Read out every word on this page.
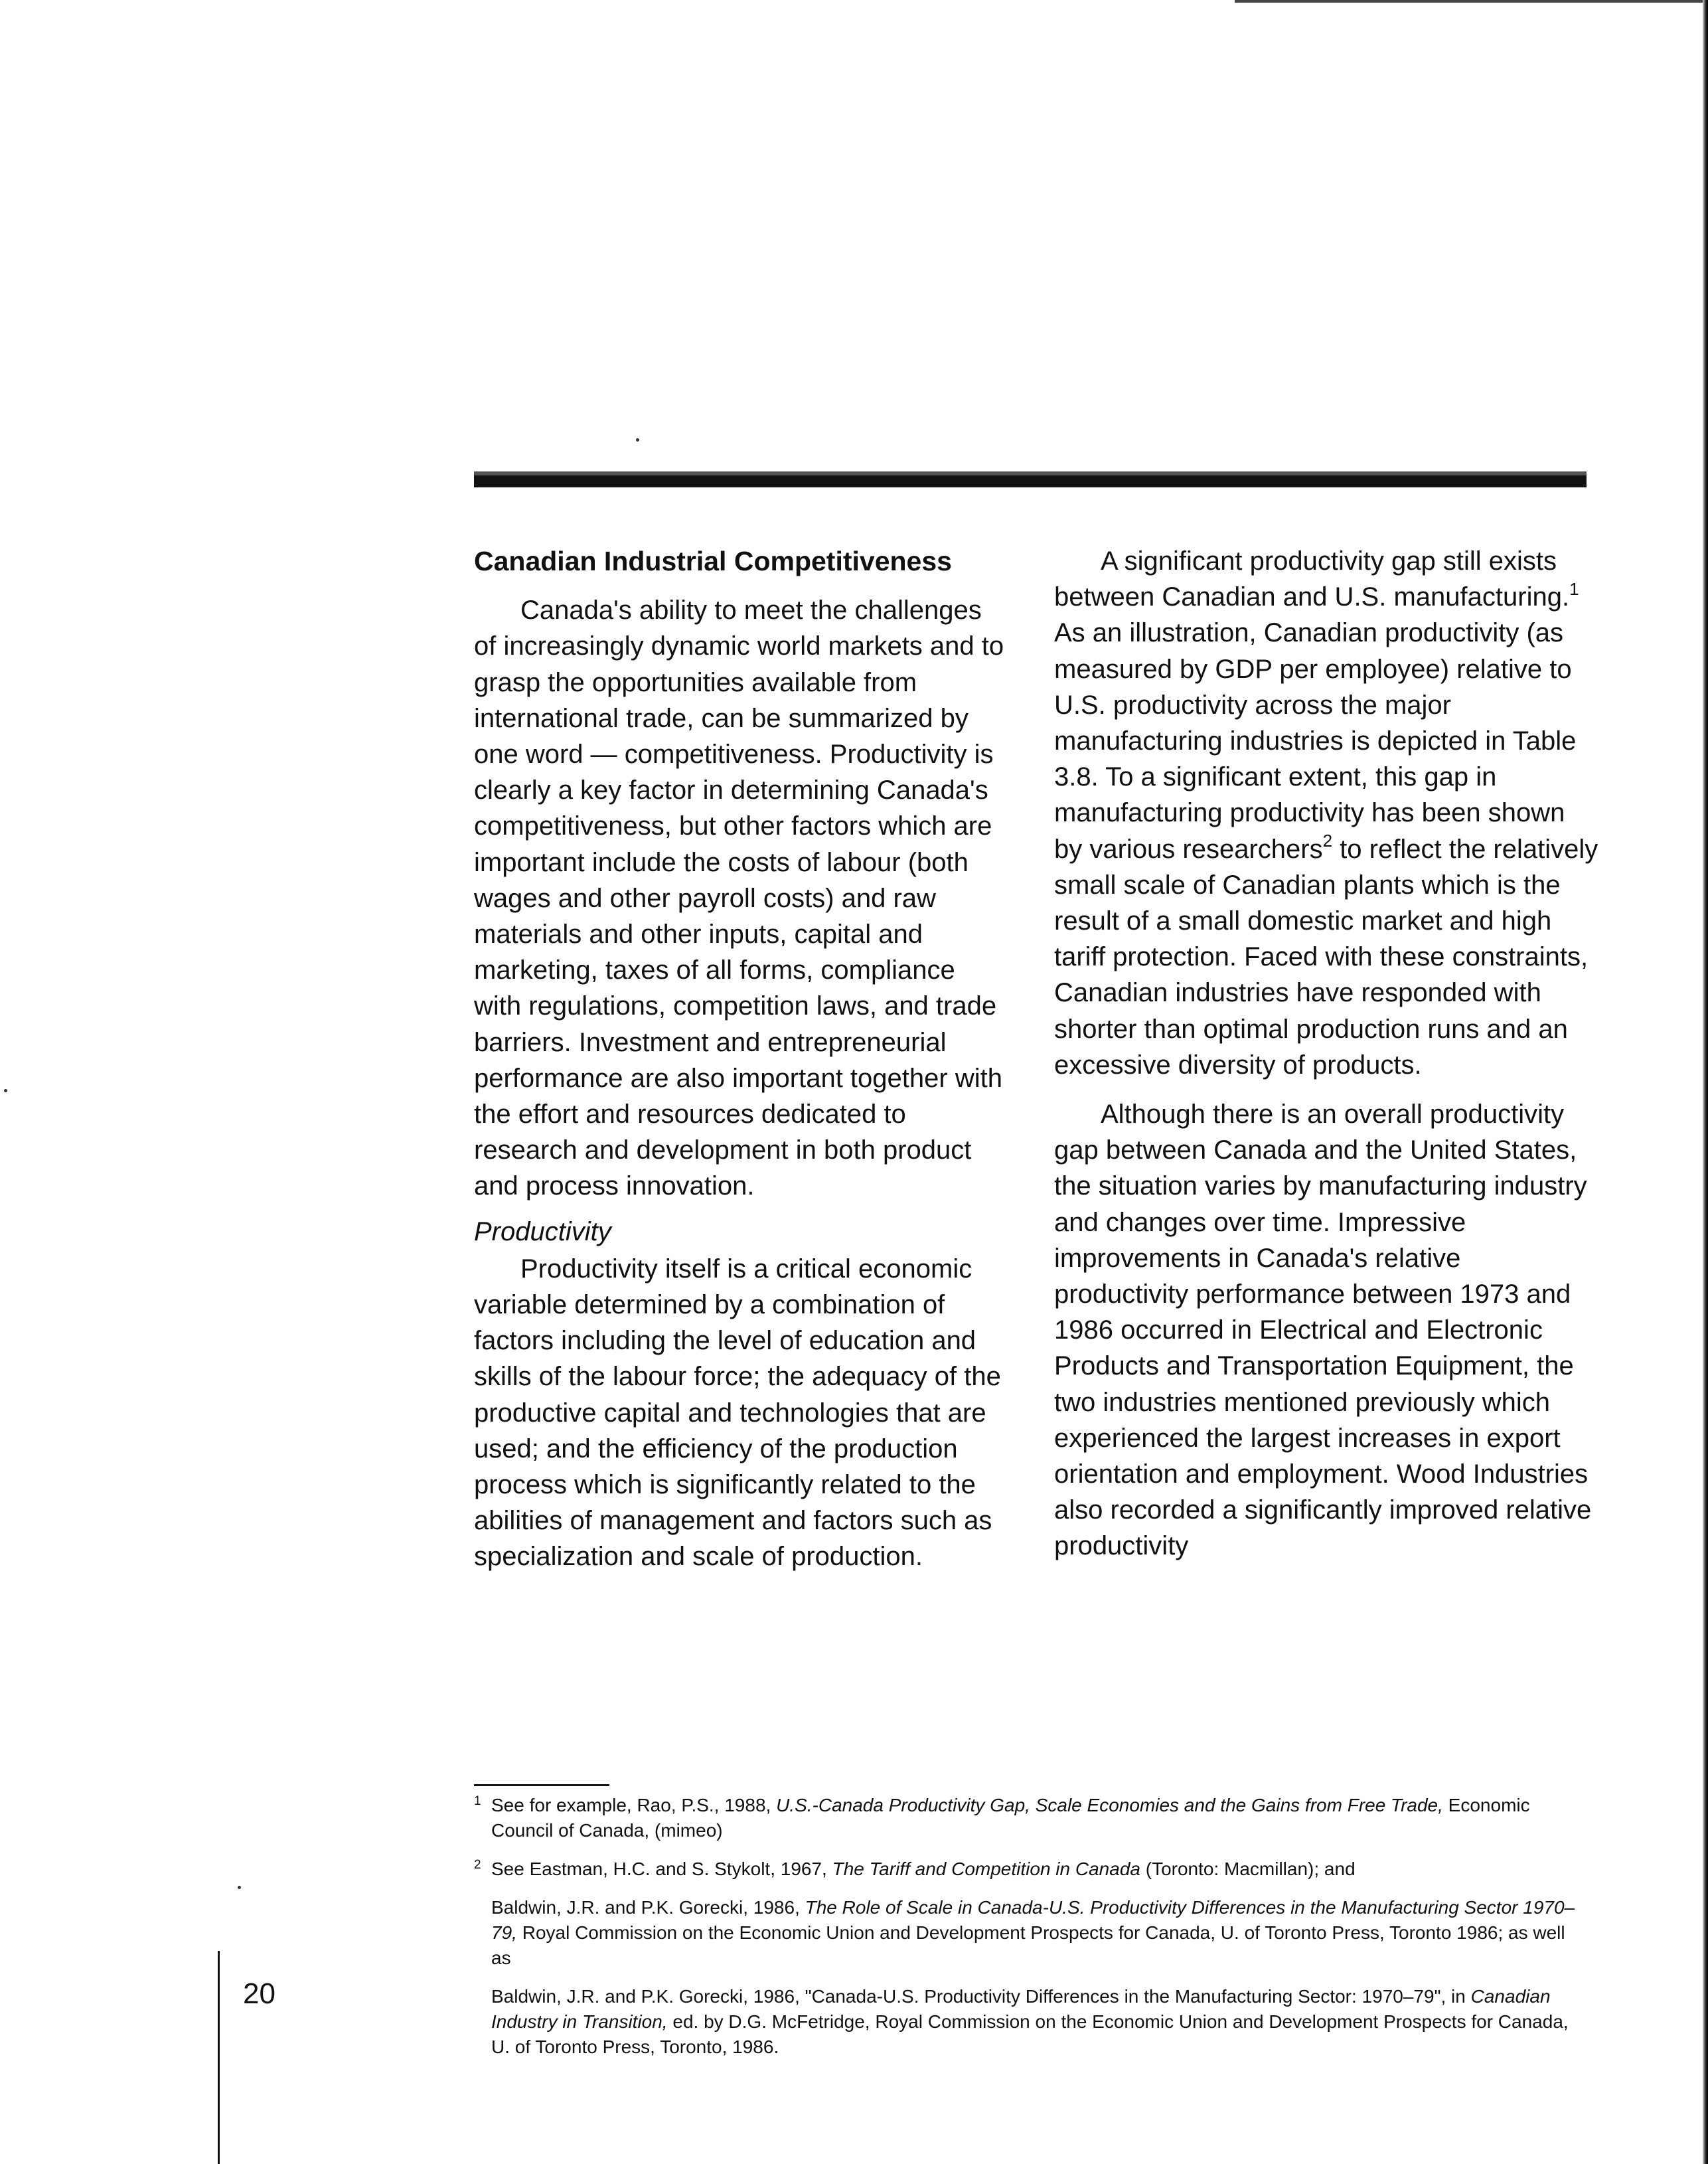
Canadian Industrial Competitiveness

Canada's ability to meet the challenges of increasingly dynamic world markets and to grasp the opportunities available from international trade, can be summarized by one word — competitiveness. Productivity is clearly a key factor in determining Canada's competitiveness, but other factors which are important include the costs of labour (both wages and other payroll costs) and raw materials and other inputs, capital and marketing, taxes of all forms, compliance with regulations, competition laws, and trade barriers. Investment and entrepreneurial performance are also important together with the effort and resources dedicated to research and development in both product and process innovation.

Productivity

Productivity itself is a critical economic variable determined by a combination of factors including the level of education and skills of the labour force; the adequacy of the productive capital and technologies that are used; and the efficiency of the production process which is significantly related to the abilities of management and factors such as specialization and scale of production.

A significant productivity gap still exists between Canadian and U.S. manufacturing.$^1$ As an illustration, Canadian productivity (as measured by GDP per employee) relative to U.S. productivity across the major manufacturing industries is depicted in Table 3.8. To a significant extent, this gap in manufacturing productivity has been shown by various researchers$^2$ to reflect the relatively small scale of Canadian plants which is the result of a small domestic market and high tariff protection. Faced with these constraints, Canadian industries have responded with shorter than optimal production runs and an excessive diversity of products.

Although there is an overall productivity gap between Canada and the United States, the situation varies by manufacturing industry and changes over time. Impressive improvements in Canada's relative productivity performance between 1973 and 1986 occurred in Electrical and Electronic Products and Transportation Equipment, the two industries mentioned previously which experienced the largest increases in export orientation and employment. Wood Industries also recorded a significantly improved relative productivity

1 See for example, Rao, P.S., 1988, U.S.-Canada Productivity Gap, Scale Economies and the Gains from Free Trade, Economic Council of Canada, (mimeo)
2 See Eastman, H.C. and S. Stykolt, 1967, The Tariff and Competition in Canada (Toronto: Macmillan); and
Baldwin, J.R. and P.K. Gorecki, 1986, The Role of Scale in Canada-U.S. Productivity Differences in the Manufacturing Sector 1970–79, Royal Commission on the Economic Union and Development Prospects for Canada, U. of Toronto Press, Toronto 1986; as well as
Baldwin, J.R. and P.K. Gorecki, 1986, "Canada-U.S. Productivity Differences in the Manufacturing Sector: 1970–79", in Canadian Industry in Transition, ed. by D.G. McFetridge, Royal Commission on the Economic Union and Development Prospects for Canada, U. of Toronto Press, Toronto, 1986.
20
